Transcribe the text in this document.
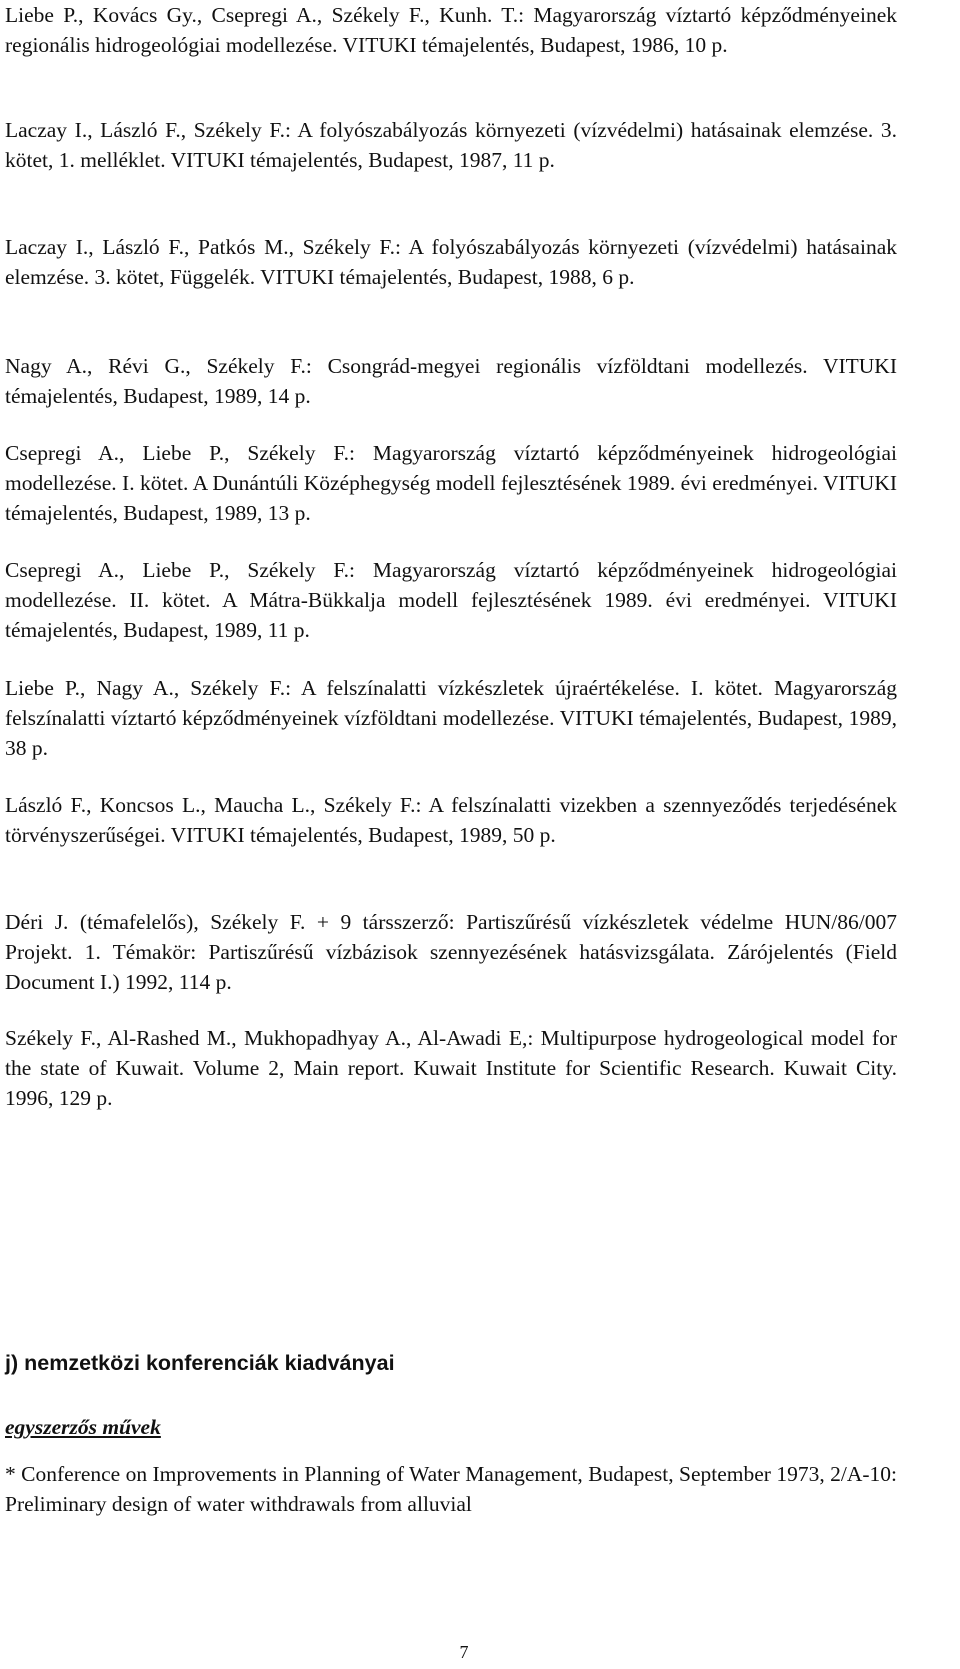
Liebe P., Kovács Gy., Csepregi A., Székely F., Kunh. T.: Magyarország víztartó képződményeinek regionális hidrogeológiai modellezése. VITUKI témajelentés, Budapest, 1986, 10 p.

Laczay I., László F., Székely F.: A folyószabályozás környezeti (vízvédelmi) hatásainak elemzése. 3. kötet, 1. melléklet. VITUKI témajelentés, Budapest, 1987, 11 p.

Laczay I., László F., Patkós M., Székely F.: A folyószabályozás környezeti (vízvédelmi) hatásainak elemzése. 3. kötet, Függelék. VITUKI témajelentés, Budapest, 1988, 6 p.

Nagy A., Révi G., Székely F.: Csongrád-megyei regionális vízföldtani modellezés. VITUKI témajelentés, Budapest, 1989, 14 p.

Csepregi A., Liebe P., Székely F.: Magyarország víztartó képződményeinek hidrogeológiai modellezése. I. kötet. A Dunántúli Középhegység modell fejlesztésének 1989. évi eredményei. VITUKI témajelentés, Budapest, 1989, 13 p.

Csepregi A., Liebe P., Székely F.: Magyarország víztartó képződményeinek hidrogeológiai modellezése. II. kötet. A Mátra-Bükkalja modell fejlesztésének 1989. évi eredményei. VITUKI témajelentés, Budapest, 1989, 11 p.

Liebe P., Nagy A., Székely F.: A felszínalatti vízkészletek újraértékelése. I. kötet. Magyarország felszínalatti víztartó képződményeinek vízföldtani modellezése. VITUKI témajelentés, Budapest, 1989, 38 p.

László F., Koncsos L., Maucha L., Székely F.: A felszínalatti vizekben a szennyeződés terjedésének törvényszerűségei. VITUKI témajelentés, Budapest, 1989, 50 p.

Déri J. (témafelelős), Székely F. + 9 társszerző: Partiszűrésű vízkészletek védelme HUN/86/007 Projekt. 1. Témakör: Partiszűrésű vízbázisok szennyezésének hatásvizsgálata. Zárójelentés (Field Document I.) 1992, 114 p.

Székely F., Al-Rashed M., Mukhopadhyay A., Al-Awadi E,: Multipurpose hydrogeological model for the state of Kuwait. Volume 2, Main report. Kuwait Institute for Scientific Research. Kuwait City. 1996, 129 p.

j) nemzetközi konferenciák kiadványai
egyszerzős művek

* Conference on Improvements in Planning of Water Management, Budapest, September 1973, 2/A-10: Preliminary design of water withdrawals from alluvial

7
